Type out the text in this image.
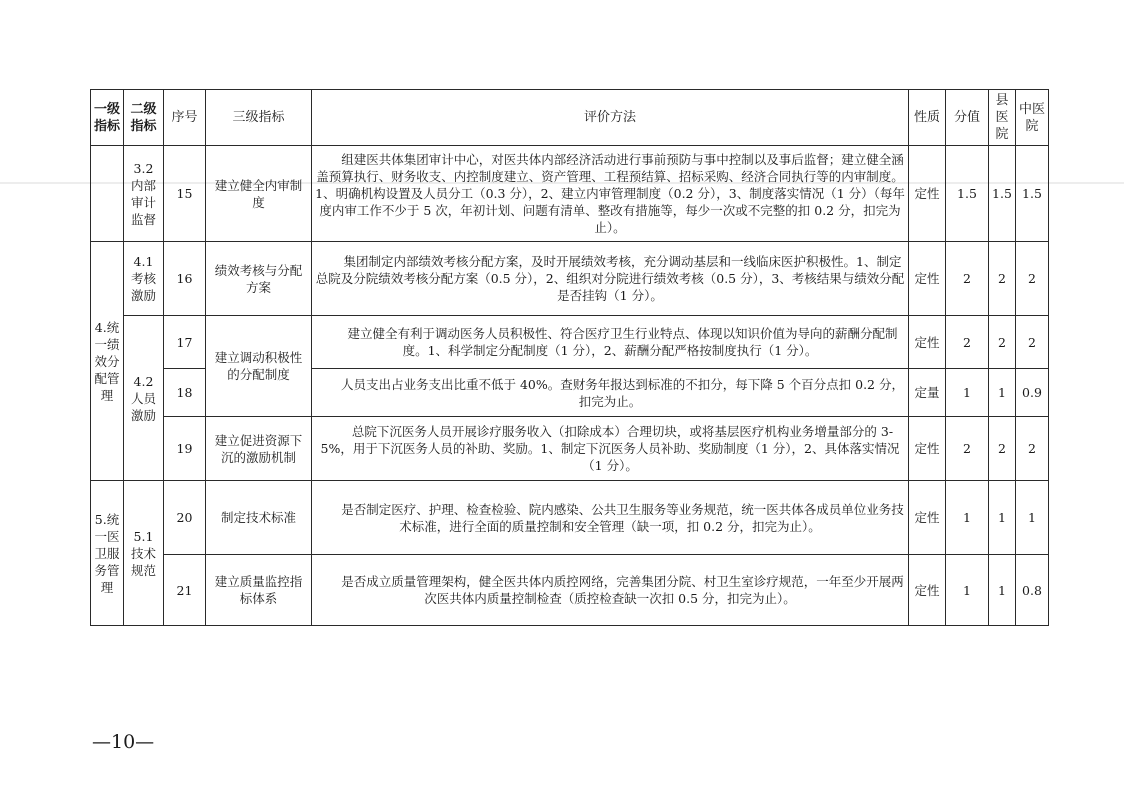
一级指标	二级指标	序号	三级指标	评价方法	性质	分值	县医院	中医院
	3.2 内部审计监督	15	建立健全内审制度	组建医共体集团审计中心，对医共体内部经济活动进行事前预防与事中控制以及事后监督；建立健全涵盖预算执行、财务收支、内控制度建立、资产管理、工程预结算、招标采购、经济合同执行等的内审制度。1、明确机构设置及人员分工（0.3 分），2、建立内审管理制度（0.2 分），3、制度落实情况（1 分）（每年度内审工作不少于 5 次，年初计划、问题有清单、整改有措施等，每少一次或不完整的扣 0.2 分，扣完为止）。	定性	1.5	1.5	1.5
4.统一绩效分配管理	4.1 考核激励	16	绩效考核与分配方案	集团制定内部绩效考核分配方案，及时开展绩效考核，充分调动基层和一线临床医护积极性。1、制定总院及分院绩效考核分配方案（0.5 分），2、组织对分院进行绩效考核（0.5 分），3、考核结果与绩效分配是否挂钩（1 分）。	定性	2	2	2
	4.2 人员激励	17	建立调动积极性的分配制度	建立健全有利于调动医务人员积极性、符合医疗卫生行业特点、体现以知识价值为导向的薪酬分配制度。1、科学制定分配制度（1 分），2、薪酬分配严格按制度执行（1 分）。	定性	2	2	2
		18		人员支出占业务支出比重不低于 40%。查财务年报达到标准的不扣分，每下降 5 个百分点扣 0.2 分，扣完为止。	定量	1	1	0.9
		19	建立促进资源下沉的激励机制	总院下沉医务人员开展诊疗服务收入（扣除成本）合理切块，或将基层医疗机构业务增量部分的 3-5%，用于下沉医务人员的补助、奖励。1、制定下沉医务人员补助、奖励制度（1 分），2、具体落实情况（1 分）。	定性	2	2	2
5.统一医卫服务管理	5.1 技术规范	20	制定技术标准	是否制定医疗、护理、检查检验、院内感染、公共卫生服务等业务规范，统一医共体各成员单位业务技术标准，进行全面的质量控制和安全管理（缺一项，扣 0.2 分，扣完为止）。	定性	1	1	1
		21	建立质量监控指标体系	是否成立质量管理架构，健全医共体内质控网络，完善集团分院、村卫生室诊疗规范，一年至少开展两次医共体内质量控制检查（质控检查缺一次扣 0.5 分，扣完为止）。	定性	1	1	0.8
—10—
